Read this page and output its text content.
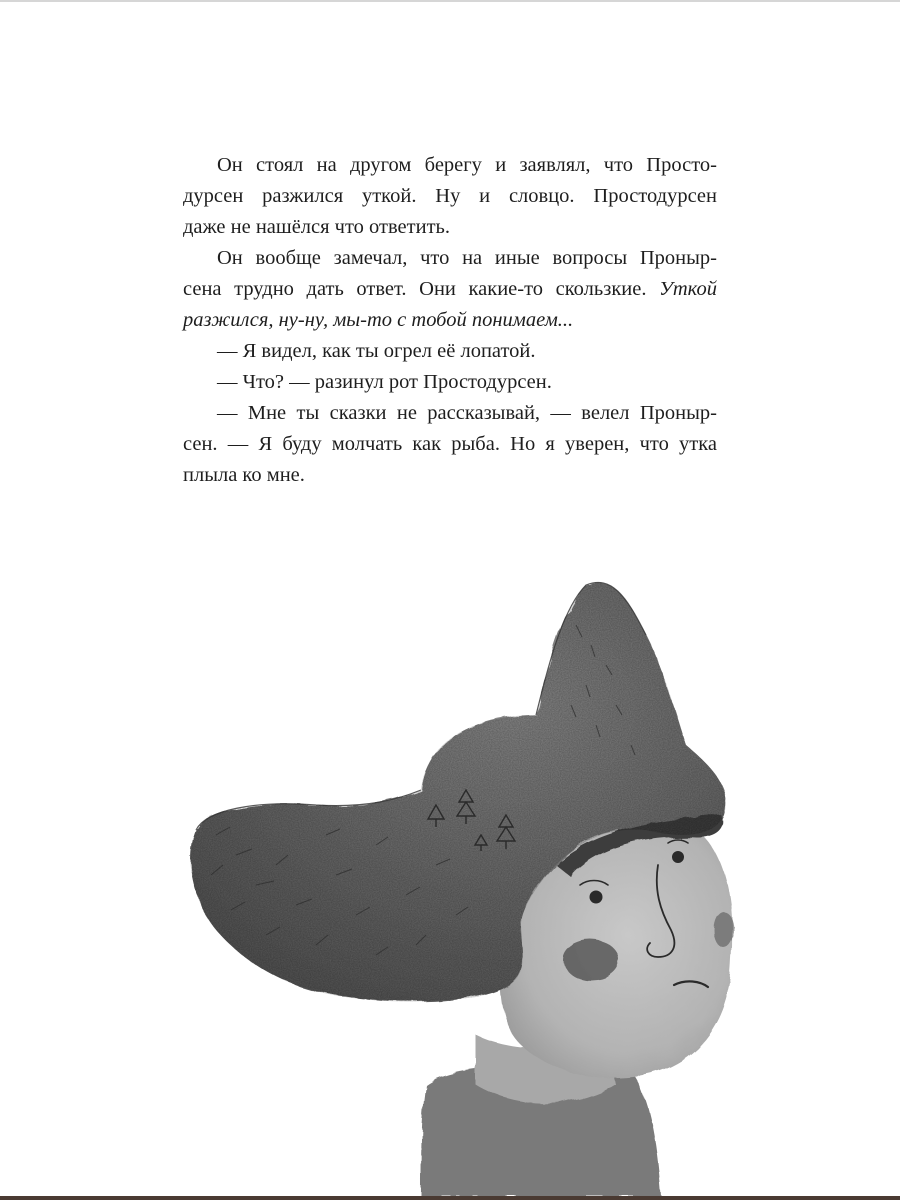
Он стоял на другом берегу и заявлял, что Просто-
дурсен разжился уткой. Ну и словцо. Простодурсен
даже не нашёлся что ответить.
Он вообще замечал, что на иные вопросы Проныр-
сена трудно дать ответ. Они какие-то скользкие. Уткой
разжился, ну-ну, мы-то с тобой понимаем...
— Я видел, как ты огрел её лопатой.
— Что? — разинул рот Простодурсен.
— Мне ты сказки не рассказывай, — велел Проныр-
сен. — Я буду молчать как рыба. Но я уверен, что утка
плыла ко мне.
